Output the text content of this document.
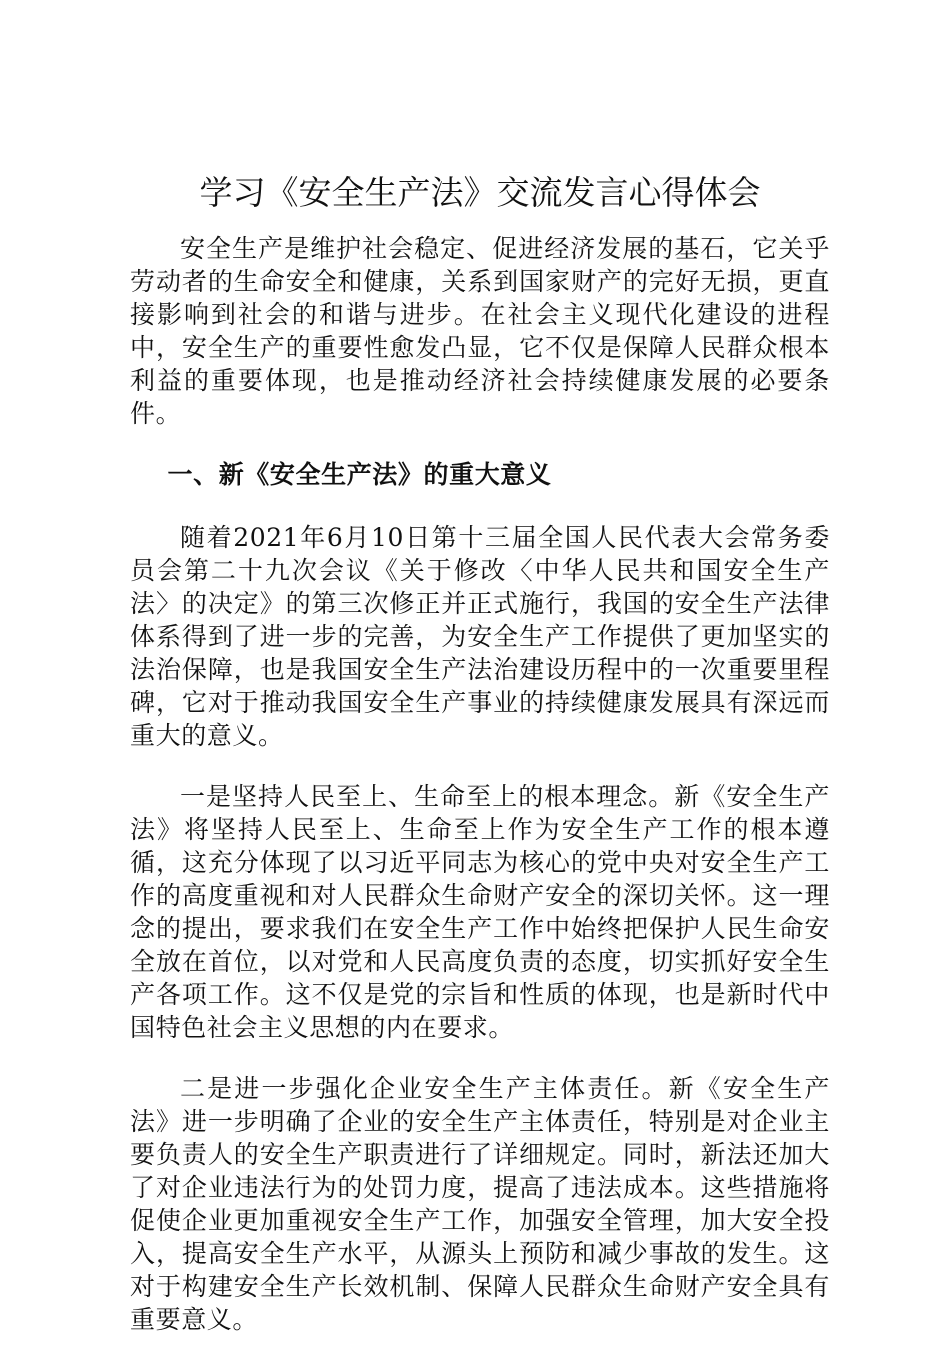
学习《安全生产法》交流发言心得体会

安全生产是维护社会稳定、促进经济发展的基石，它关乎劳动者的生命安全和健康，关系到国家财产的完好无损，更直接影响到社会的和谐与进步。在社会主义现代化建设的进程中，安全生产的重要性愈发凸显，它不仅是保障人民群众根本利益的重要体现，也是推动经济社会持续健康发展的必要条件。

一、新《安全生产法》的重大意义

随着2021年6月10日第十三届全国人民代表大会常务委员会第二十九次会议《关于修改〈中华人民共和国安全生产法〉的决定》的第三次修正并正式施行，我国的安全生产法律体系得到了进一步的完善，为安全生产工作提供了更加坚实的法治保障，也是我国安全生产法治建设历程中的一次重要里程碑，它对于推动我国安全生产事业的持续健康发展具有深远而重大的意义。

一是坚持人民至上、生命至上的根本理念。新《安全生产法》将坚持人民至上、生命至上作为安全生产工作的根本遵循，这充分体现了以习近平同志为核心的党中央对安全生产工作的高度重视和对人民群众生命财产安全的深切关怀。这一理念的提出，要求我们在安全生产工作中始终把保护人民生命安全放在首位，以对党和人民高度负责的态度，切实抓好安全生产各项工作。这不仅是党的宗旨和性质的体现，也是新时代中国特色社会主义思想的内在要求。

二是进一步强化企业安全生产主体责任。新《安全生产法》进一步明确了企业的安全生产主体责任，特别是对企业主要负责人的安全生产职责进行了详细规定。同时，新法还加大了对企业违法行为的处罚力度，提高了违法成本。这些措施将促使企业更加重视安全生产工作，加强安全管理，加大安全投入，提高安全生产水平，从源头上预防和减少事故的发生。这对于构建安全生产长效机制、保障人民群众生命财产安全具有重要意义。
